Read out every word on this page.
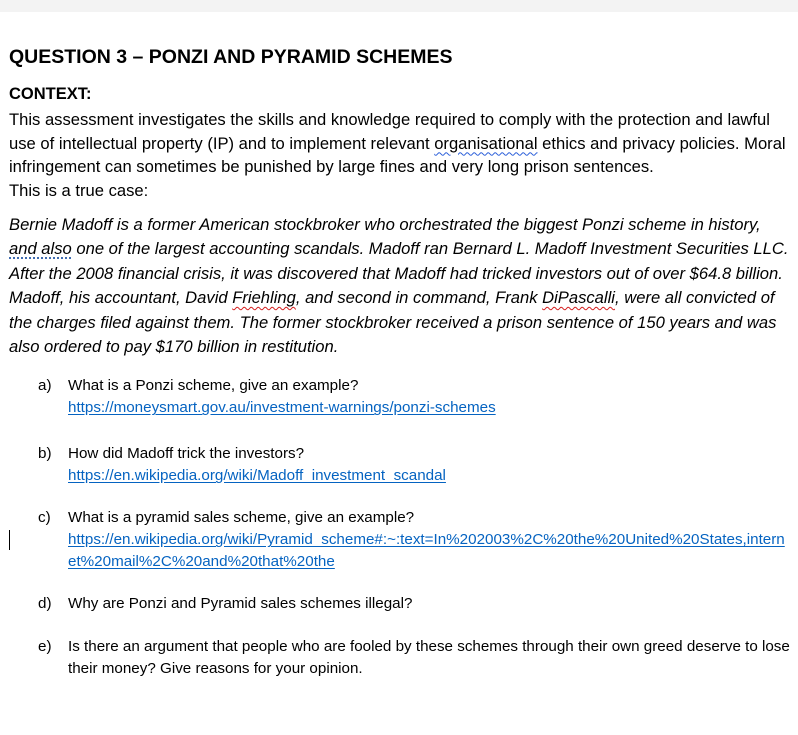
QUESTION 3 – PONZI AND PYRAMID SCHEMES
CONTEXT:

This assessment investigates the skills and knowledge required to comply with the protection and lawful use of intellectual property (IP) and to implement relevant organisational ethics and privacy policies. Moral infringement can sometimes be punished by large fines and very long prison sentences.

This is a true case:

Bernie Madoff is a former American stockbroker who orchestrated the biggest Ponzi scheme in history, and also one of the largest accounting scandals. Madoff ran Bernard L. Madoff Investment Securities LLC. After the 2008 financial crisis, it was discovered that Madoff had tricked investors out of over $64.8 billion. Madoff, his accountant, David Friehling, and second in command, Frank DiPascalli, were all convicted of the charges filed against them. The former stockbroker received a prison sentence of 150 years and was also ordered to pay $170 billion in restitution.

a) What is a Ponzi scheme, give an example?
https://moneysmart.gov.au/investment-warnings/ponzi-schemes
b) How did Madoff trick the investors?
https://en.wikipedia.org/wiki/Madoff_investment_scandal
c) What is a pyramid sales scheme, give an example?
https://en.wikipedia.org/wiki/Pyramid_scheme#:~:text=In%202003%2C%20the%20United%20States,internet%20mail%2C%20and%20that%20the
d) Why are Ponzi and Pyramid sales schemes illegal?
e) Is there an argument that people who are fooled by these schemes through their own greed deserve to lose their money? Give reasons for your opinion.
